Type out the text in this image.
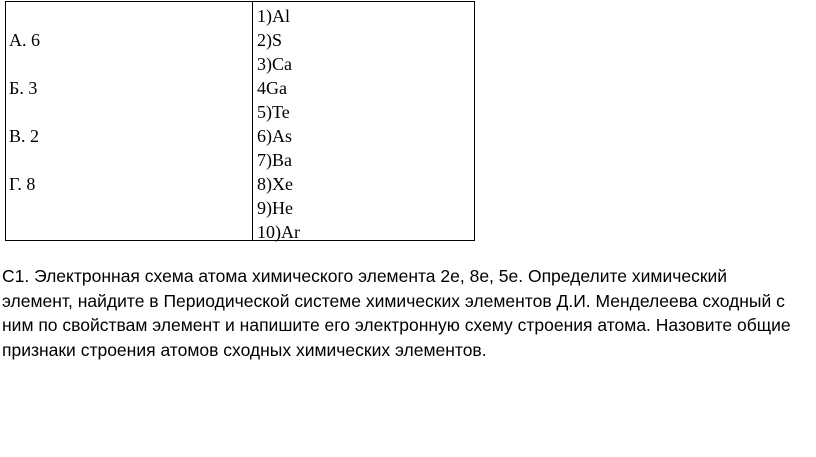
А. 6
Б. 3
В. 2
Г. 8
1)Al
2)S
3)Ca
4Ga
5)Te
6)As
7)Ba
8)Xe
9)He
10)Ar

С1. Электронная схема атома химического элемента 2е, 8е, 5е. Определите химический элемент, найдите в Периодической системе химических элементов Д.И. Менделеева сходный с ним по свойствам элемент и напишите его электронную схему строения атома. Назовите общие признаки строения атомов сходных химических элементов.
